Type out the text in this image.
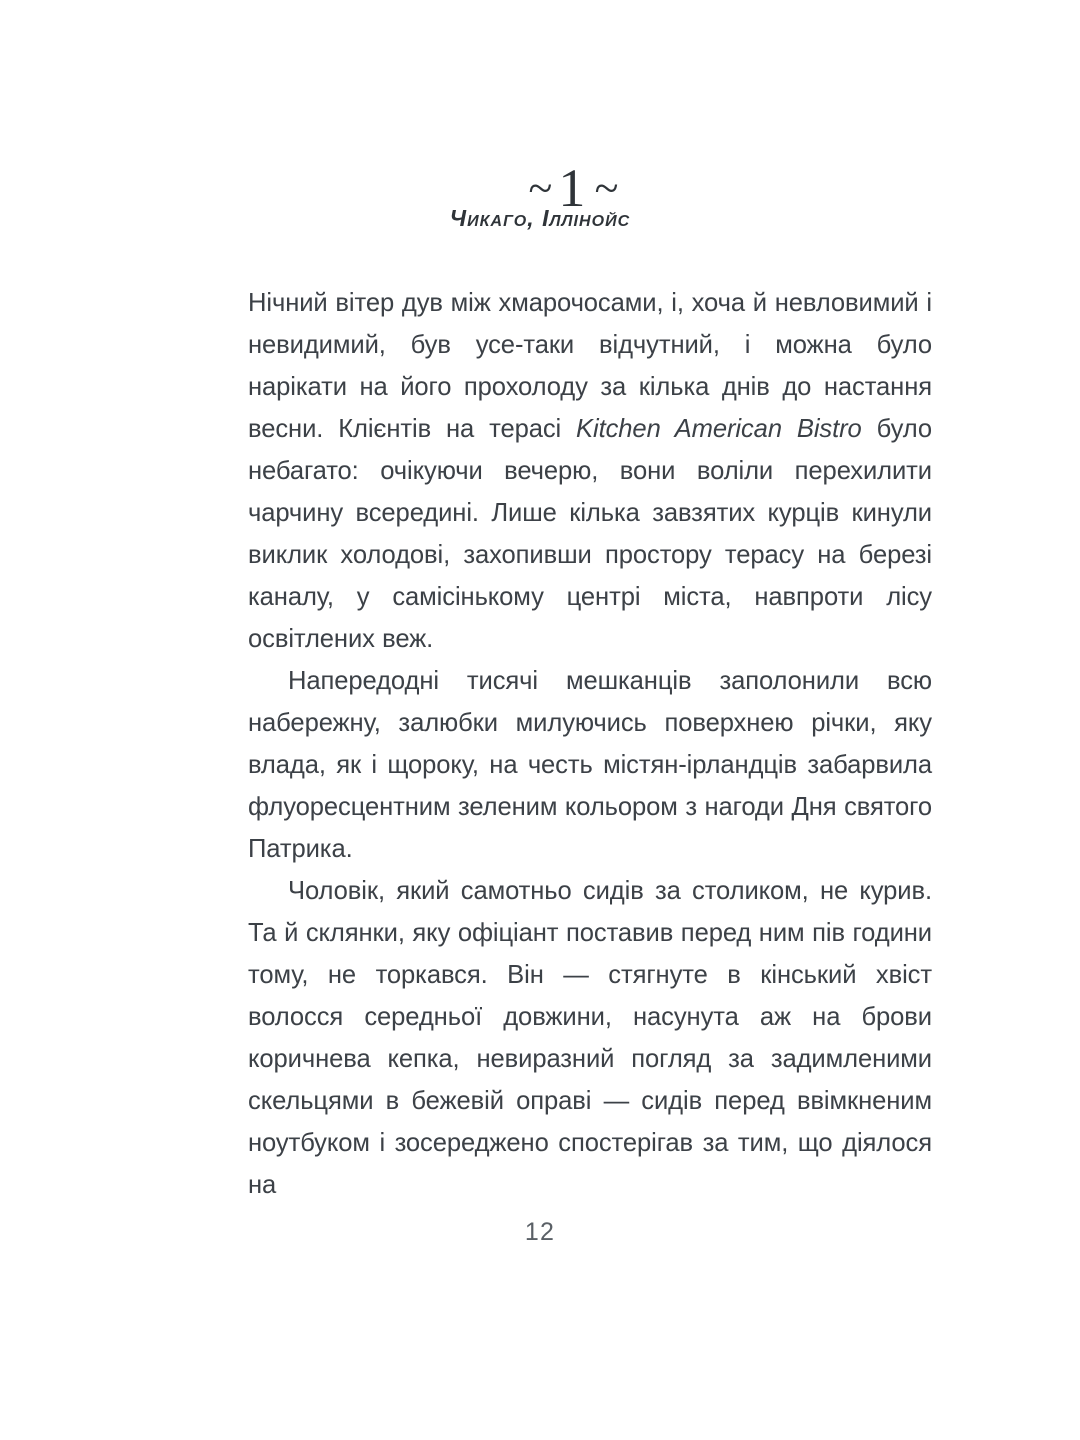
~ 1 ~

Чикаго, Іллінойс

Нічний вітер дув між хмарочосами, і, хоча й невловимий і невидимий, був усе-таки відчутний, і можна було нарікати на його прохолоду за кілька днів до настання весни. Клієнтів на терасі Kitchen American Bistro було небагато: очікуючи вечерю, вони воліли перехилити чарчину всередині. Лише кілька завзятих курців кинули виклик холодові, захопивши простору терасу на березі каналу, у самісінькому центрі міста, навпроти лісу освітлених веж.

Напередодні тисячі мешканців заполонили всю набережну, залюбки милуючись поверхнею річки, яку влада, як і щороку, на честь містян-ірландців забарвила флуоресцентним зеленим кольором з нагоди Дня святого Патрика.

Чоловік, який самотньо сидів за столиком, не курив. Та й склянки, яку офіціант поставив перед ним пів години тому, не торкався. Він — стягнуте в кінський хвіст волосся середньої довжини, насунута аж на брови коричнева кепка, невиразний погляд за задимленими скельцями в бежевій оправі — сидів перед ввімкненим ноутбуком і зосереджено спостерігав за тим, що діялося на

12
